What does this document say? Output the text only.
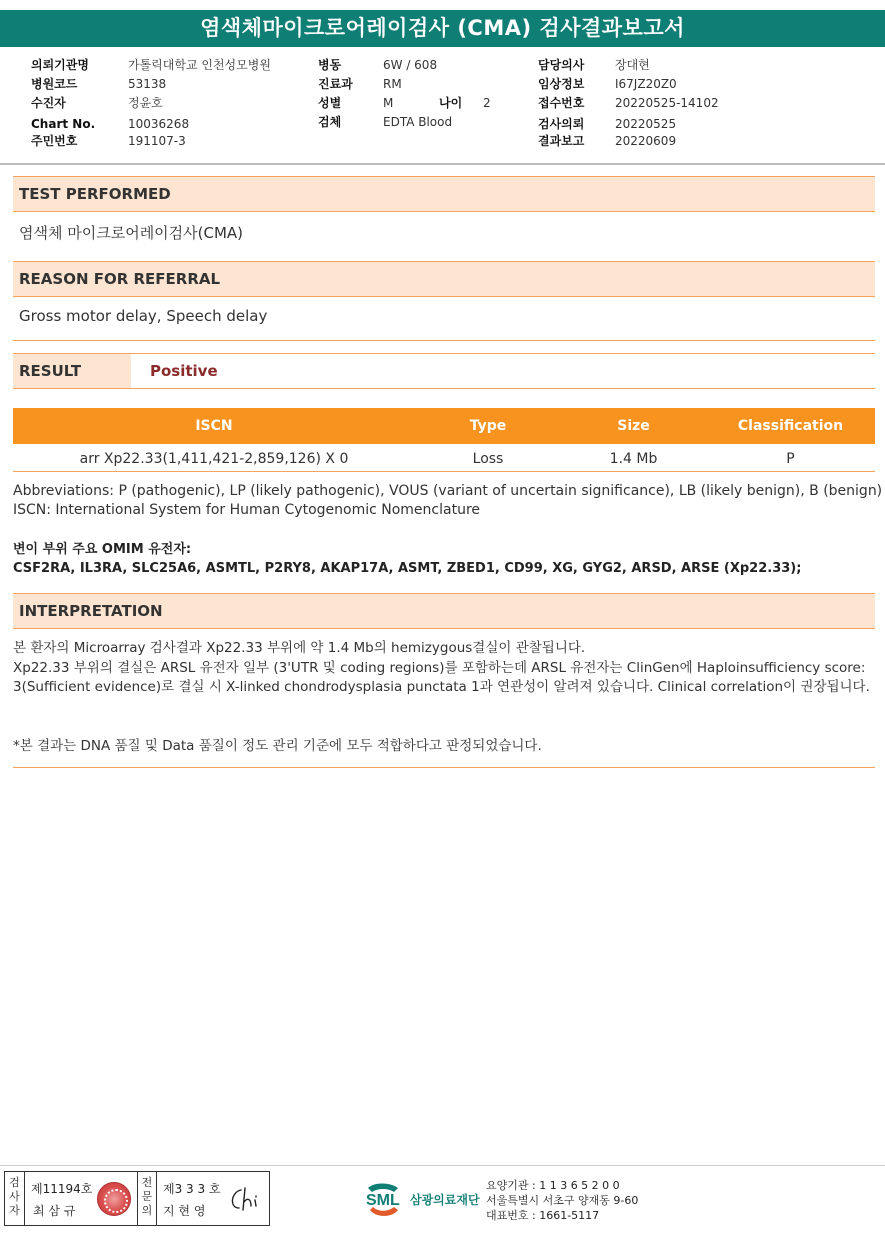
염색체마이크로어레이검사 (CMA) 검사결과보고서
의뢰기관명	가톨릭대학교 인천성모병원
병원코드	53138
수진자	정윤호
Chart No.	10036268
주민번호	191107-3
병동	6W / 608
진료과	RM
성별	M	나이 2
검체	EDTA Blood
담당의사	장대현
임상정보	I67JZ20Z0
접수번호	20220525-14102
검사의뢰	20220525
결과보고	20220609
TEST PERFORMED
염색체 마이크로어레이검사(CMA)
REASON FOR REFERRAL
Gross motor delay, Speech delay
RESULT	Positive
ISCN	Type	Size	Classification
arr Xp22.33(1,411,421-2,859,126) X 0	Loss	1.4 Mb	P
Abbreviations: P (pathogenic), LP (likely pathogenic), VOUS (variant of uncertain significance), LB (likely benign), B (benign)
ISCN: International System for Human Cytogenomic Nomenclature
변이 부위 주요 OMIM 유전자:
CSF2RA, IL3RA, SLC25A6, ASMTL, P2RY8, AKAP17A, ASMT, ZBED1, CD99, XG, GYG2, ARSD, ARSE (Xp22.33);
INTERPRETATION

본 환자의 Microarray 검사결과 Xp22.33 부위에 약 1.4 Mb의 hemizygous결실이 관찰됩니다.

Xp22.33 부위의 결실은 ARSL 유전자 일부 (3'UTR 및 coding regions)를 포함하는데 ARSL 유전자는 ClinGen에 Haploinsufficiency score: 3(Sufficient evidence)로 결실 시 X-linked chondrodysplasia punctata 1과 연관성이 알려져 있습니다. Clinical correlation이 권장됩니다.

*본 결과는 DNA 품질 및 Data 품질이 정도 관리 기준에 모두 적합하다고 판정되었습니다.
검사자
제11194호
최 삼 규
전문의
제3 3 3 호
지 현 영
SML 삼광의료재단
요양기관 : 1 1 3 6 5 2 0 0
서울특별시 서초구 양재동 9-60
대표번호 : 1661-5117
